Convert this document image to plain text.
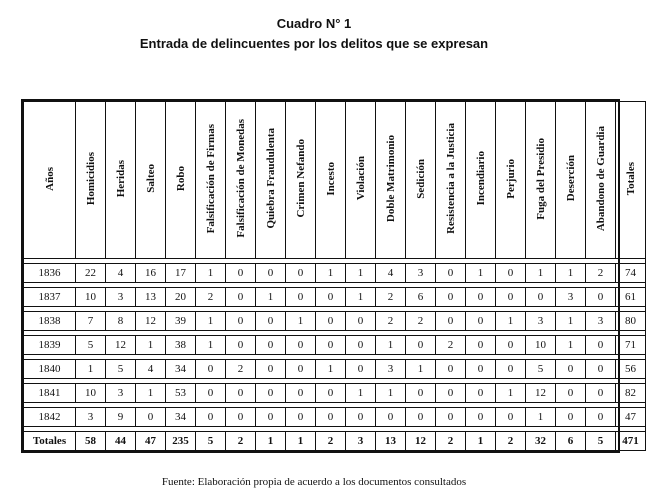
Cuadro N° 1
Entrada de delincuentes por los delitos que se expresan
Años	Homicidios	Heridas	Salteo	Robo	Falsificación de Firmas	Falsificación de Monedas	Quiebra Fraudulenta	Crimen Nefando	Incesto	Violación	Doble Matrimonio	Sedición	Resistencia a la Justicia	Incendiario	Perjurio	Fuga del Presidio	Deserción	Abandono de Guardia	Totales

1836	22	4	16	17	1	0	0	0	1	1	4	3	0	1	0	1	1	2	74

1837	10	3	13	20	2	0	1	0	0	1	2	6	0	0	0	0	3	0	61

1838	7	8	12	39	1	0	0	1	0	0	2	2	0	0	1	3	1	3	80

1839	5	12	1	38	1	0	0	0	0	0	1	0	2	0	0	10	1	0	71

1840	1	5	4	34	0	2	0	0	1	0	3	1	0	0	0	5	0	0	56

1841	10	3	1	53	0	0	0	0	0	1	1	0	0	0	1	12	0	0	82

1842	3	9	0	34	0	0	0	0	0	0	0	0	0	0	0	1	0	0	47

Totales	58	44	47	235	5	2	1	1	2	3	13	12	2	1	2	32	6	5	471
Fuente: Elaboración propia de acuerdo a los documentos consultados
